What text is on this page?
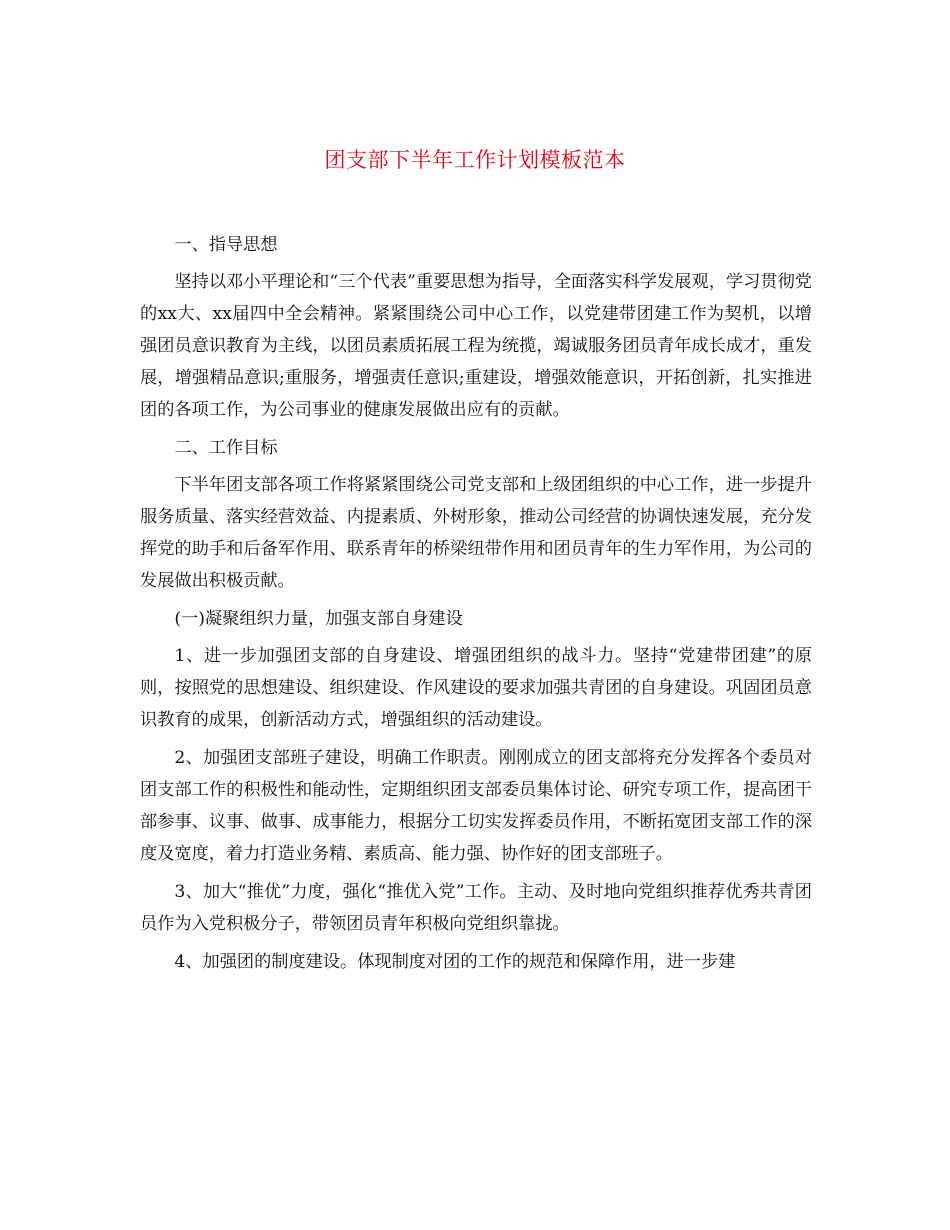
团支部下半年工作计划模板范本

一、指导思想

坚持以邓小平理论和“三个代表”重要思想为指导，全面落实科学发展观，学习贯彻党的xx大、xx届四中全会精神。紧紧围绕公司中心工作，以党建带团建工作为契机，以增强团员意识教育为主线，以团员素质拓展工程为统揽，竭诚服务团员青年成长成才，重发展，增强精品意识;重服务，增强责任意识;重建设，增强效能意识，开拓创新，扎实推进团的各项工作，为公司事业的健康发展做出应有的贡献。

二、工作目标

下半年团支部各项工作将紧紧围绕公司党支部和上级团组织的中心工作，进一步提升服务质量、落实经营效益、内提素质、外树形象，推动公司经营的协调快速发展，充分发挥党的助手和后备军作用、联系青年的桥梁纽带作用和团员青年的生力军作用，为公司的发展做出积极贡献。

(一)凝聚组织力量，加强支部自身建设

1、进一步加强团支部的自身建设、增强团组织的战斗力。坚持“党建带团建”的原则，按照党的思想建设、组织建设、作风建设的要求加强共青团的自身建设。巩固团员意识教育的成果，创新活动方式，增强组织的活动建设。

2、加强团支部班子建设，明确工作职责。刚刚成立的团支部将充分发挥各个委员对团支部工作的积极性和能动性，定期组织团支部委员集体讨论、研究专项工作，提高团干部参事、议事、做事、成事能力，根据分工切实发挥委员作用，不断拓宽团支部工作的深度及宽度，着力打造业务精、素质高、能力强、协作好的团支部班子。

3、加大“推优”力度，强化“推优入党”工作。主动、及时地向党组织推荐优秀共青团员作为入党积极分子，带领团员青年积极向党组织靠拢。

4、加强团的制度建设。体现制度对团的工作的规范和保障作用，进一步建
